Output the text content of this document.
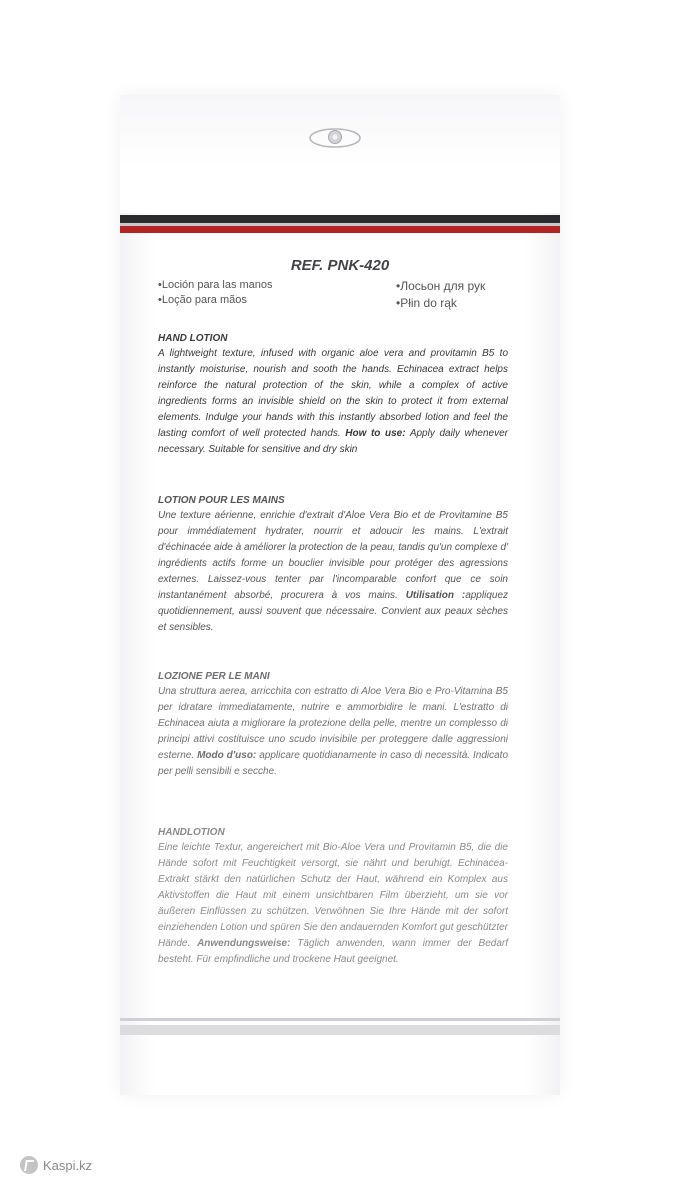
REF. PNK-420
•Loción para las manos
•Loção para mãos
•Лосьон для рук
•Płin do rąk
HAND LOTION

A lightweight texture, infused with organic aloe vera and provitamin B5 to instantly moisturise, nourish and sooth the hands. Echinacea extract helps reinforce the natural protection of the skin, while a complex of active ingredients forms an invisible shield on the skin to protect it from external elements. Indulge your hands with this instantly absorbed lotion and feel the lasting comfort of well protected hands. How to use: Apply daily whenever necessary. Suitable for sensitive and dry skin

LOTION POUR LES MAINS

Une texture aérienne, enrichie d'extrait d'Aloe Vera Bio et de Provitamine B5 pour immédiatement hydrater, nourrir et adoucir les mains. L'extrait d'échinacée aide à améliorer la protection de la peau, tandis qu'un complexe d' ingrédients actifs forme un bouclier invisible pour protéger des agressions externes. Laissez-vous tenter par l'incomparable confort que ce soin instantanément absorbé, procurera à vos mains. Utilisation :appliquez quotidiennement, aussi souvent que nécessaire. Convient aux peaux sèches et sensibles.

LOZIONE PER LE MANI

Una struttura aerea, arricchita con estratto di Aloe Vera Bio e Pro-Vitamina B5 per idratare immediatamente, nutrire e ammorbidire le mani. L'estratto di Echinacea aiuta a migliorare la protezione della pelle, mentre un complesso di principi attivi costituisce uno scudo invisibile per proteggere dalle aggressioni esterne. Modo d'uso: applicare quotidianamente in caso di necessità. Indicato per pelli sensibili e secche.

HANDLOTION

Eine leichte Textur, angereichert mit Bio-Aloe Vera und Provitamin B5, die die Hände sofort mit Feuchtigkeit versorgt, sie nährt und beruhigt. Echinacea-Extrakt stärkt den natürlichen Schutz der Haut, während ein Komplex aus Aktivstoffen die Haut mit einem unsichtbaren Film überzieht, um sie vor äußeren Einflüssen zu schützen. Verwöhnen Sie Ihre Hände mit der sofort einziehenden Lotion und spüren Sie den andauernden Komfort gut geschützter Hände. Anwendungsweise: Täglich anwenden, wann immer der Bedarf besteht. Für empfindliche und trockene Haut geeignet.

Kaspi.kz
